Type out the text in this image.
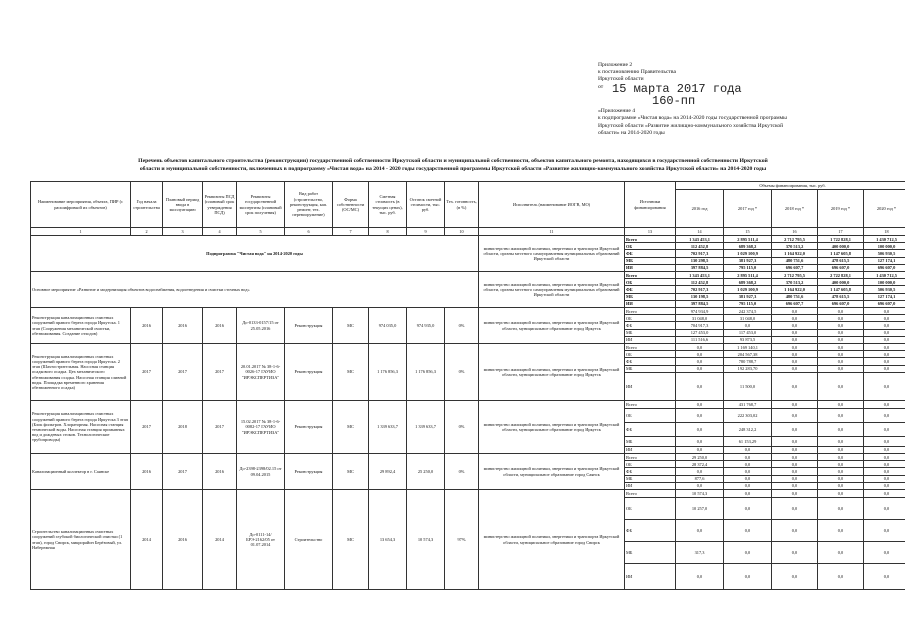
Приложение 2
к постановлению Правительства
Иркутской области
от 15 марта 2017 года
160-пп
«Приложение 4
к подпрограмме «Чистая вода» на 2014-2020 годы государственной программы
Иркутской области «Развитие жилищно-коммунального хозяйства Иркутской
области» на 2014-2020 годы
Перечень объектов капитального строительства (реконструкции) государственной собственности Иркутской области и муниципальной собственности, объектов капитального ремонта, находящихся в государственной собственности Иркутской
области и муниципальной собственности, включенных в подпрограмму «Чистая вода» на 2014 - 2020 годы государственной программы Иркутской области «Развитие жилищно-коммунального хозяйства Иркутской области» на 2014-2020 годы
Наименование мероприятия, объекта, ПИР (с расшифровкой их объектов)	Год начала строительства	Плановый период ввода в эксплуатацию	Реквизиты ПСД (плановый срок утверждения ПСД)	Реквизиты государственной экспертизы (плановый срок получения)	Вид работ (строительство, реконструкция, кап. ремонт, тех. перевооружение)	Форма собственности (ОС/МС)	Сметная стоимость (в текущих ценах), тыс. руб.	Остаток сметной стоимости, тыс. руб.	Тех. готовность, (в %)	Исполнитель (наименование ИОГВ, МО)	Источники финансирования	Объемы финансирования, тыс. руб.				
												2016 год	2017 год *	2018 год *	2019 год *	2020 год *
1	2	3	4	5	6	7	8	9	10	11	13	14	15	16	17	18
Подпрограмма "Чистая вода" на 2014-2020 годы										министерство жилищной политики, энергетики и транспорта Иркутской области, органы местного самоуправления муниципальных образований Иркутской области	Всего	1 343 453,1	2 895 511,4	2 712 795,5	1 722 828,1	1 430 712,5
											ОБ	112 452,8	689 368,2	370 513,2	400 000,0	100 000,0
											ФБ	702 917,3	1 029 100,9	1 164 922,0	1 147 605,8	506 930,5
											МБ	130 298,5	381 927,3	480 751,6	478 615,5	127 174,1
											ИИ	397 884,5	795 115,0	696 607,7	696 607,0	696 607,0
Основное мероприятие «Развитие и модернизация объектов водоснабжения, водоотведения и очистки сточных вод»										министерство жилищной политики, энергетики и транспорта Иркутской области, органы местного самоуправления муниципальных образований Иркутской области	Всего	1 343 453,1	2 895 511,4	2 712 795,5	2 722 828,1	1 430 712,5
											ОБ	112 452,8	689 368,2	370 513,2	400 000,0	100 000,0
											ФБ	702 917,3	1 029 100,9	1 164 922,0	1 147 605,8	506 930,5
											МБ	130 198,5	381 927,3	480 751,6	478 615,5	127 174,1
											ИИ	397 884,5	795 115,0	696 607,7	696 607,0	696 607,0
Реконструкция канализационных очистных сооружений правого берега города Иркутска. 1 этап (Сооружения механической очистки, обезвоживания. Создание отходов)	2016	2016	2016	До-0133-0157/15 от 25.05.2016	Реконструкция	МС	974 035,0	974 935,0	0%	министерство жилищной политики, энергетики и транспорта Иркутской области, муниципальное образование город Иркутск	Всего	974 934,9	242 374,5	0,0	0,0	0,0
											ОБ	31 048,0	31 048,0	0,0	0,0	0,0
											ФБ	704 917,3	0,0	0,0	0,0	0,0
											МБ	127 453,0	117 453,0	0,0	0,0	0,0
											ИИ	111 516,6	93 873,5	0,0	0,0	0,0
Реконструкция канализационных очистных сооружений правого берега города Иркутска. 2 этап (Шахтострительная. Насосная станция осадкового осадка. Цех механического обезвоживания осадка. Насосная станция сливной воды. Площадка временного хранения обезвоженного осадка)	2017	2017	2017	20.01.2017 № 38-1-6-0026-17 ГАУИО "ИРЭКСПЕРТИЗА"	Реконструкция	МС	1 176 856,3	1 176 856,3	0%	министерство жилищной политики, энергетики и транспорта Иркутской области, муниципальное образование город Иркутск	Всего	0,0	1 169 140,1	0,0	0,0	0,0
											ОБ	0,0	204 567,38	0,0	0,0	0,0
											ФБ	0,0	780 788,7	0,0	0,0	0,0
											МБ	0,0	192 283,70	0,0	0,0	0,0
											ИИ	0,0	11 500,0	0,0	0,0	0,0
Реконструкция канализационных очистных сооружений правого берега города Иркутска 3 этап (Блок фильтров. Хлораторная. Насосная станция технической воды. Насосная станция промывных вод и дождевых стоков. Технологические трубопроводы)	2017	2018	2017	15.02.2017 № 38-1-6-0082-17 ГАУИО "ИРЭКСПЕРТИЗА"	Реконструкция	МС	1 339 633,7	1 339 633,7	0%	министерство жилищной политики, энергетики и транспорта Иркутской области, муниципальное образование город Иркутск	Всего	0,0	431 768,7	0,0	0,0	0,0
											ОБ	0,0	222 303,02	0,0	0,0	0,0
											ФБ	0,0	248 312,2	0,0	0,0	0,0
											МБ	0,0	61 153,29	0,0	0,0	0,0
											ИИ	0,0	0,0	0,0	0,0	0,0
Канализационный коллектор в г. Саянске	2016	2017	2016	До-2398-2398/02.15 от 09.04.2015	Реконструкция	МС	29 892,4	25 250,0	0%	министерство жилищной политики, энергетики и транспорта Иркутской области, муниципальное образование город Саянск	Всего	29 250,0	0,0	0,0	0,0	0,0
											ОБ	28 372,4	0,0	0,0	0,0	0,0
											ФБ	0,0	0,0	0,0	0,0	0,0
											МБ	877,6	0,0	0,0	0,0	0,0
											ИИ	0,0	0,0	0,0	0,0	0,0
Строительство канализационных очистных сооружений глубокой биологической очистки (1 этап), город Свирск, микрорайон Берёзовый, ул. Набережная	2014	2016	2014	До-0111-14/БРЭ-2162/05 от 01.07.2014	Строительство	МС	13 654,3	10 574,3	97%	министерство жилищной политики, энергетики и транспорта Иркутской области, муниципальное образование город Свирск	Всего	10 574,3	0,0	0,0	0,0	0,0
											ОБ	10 257,0	0,0	0,0	0,0	0,0
											ФБ	0,0	0,0	0,0	0,0	0,0
											МБ	317,3	0,0	0,0	0,0	0,0
											ИИ	0,0	0,0	0,0	0,0	0,0
